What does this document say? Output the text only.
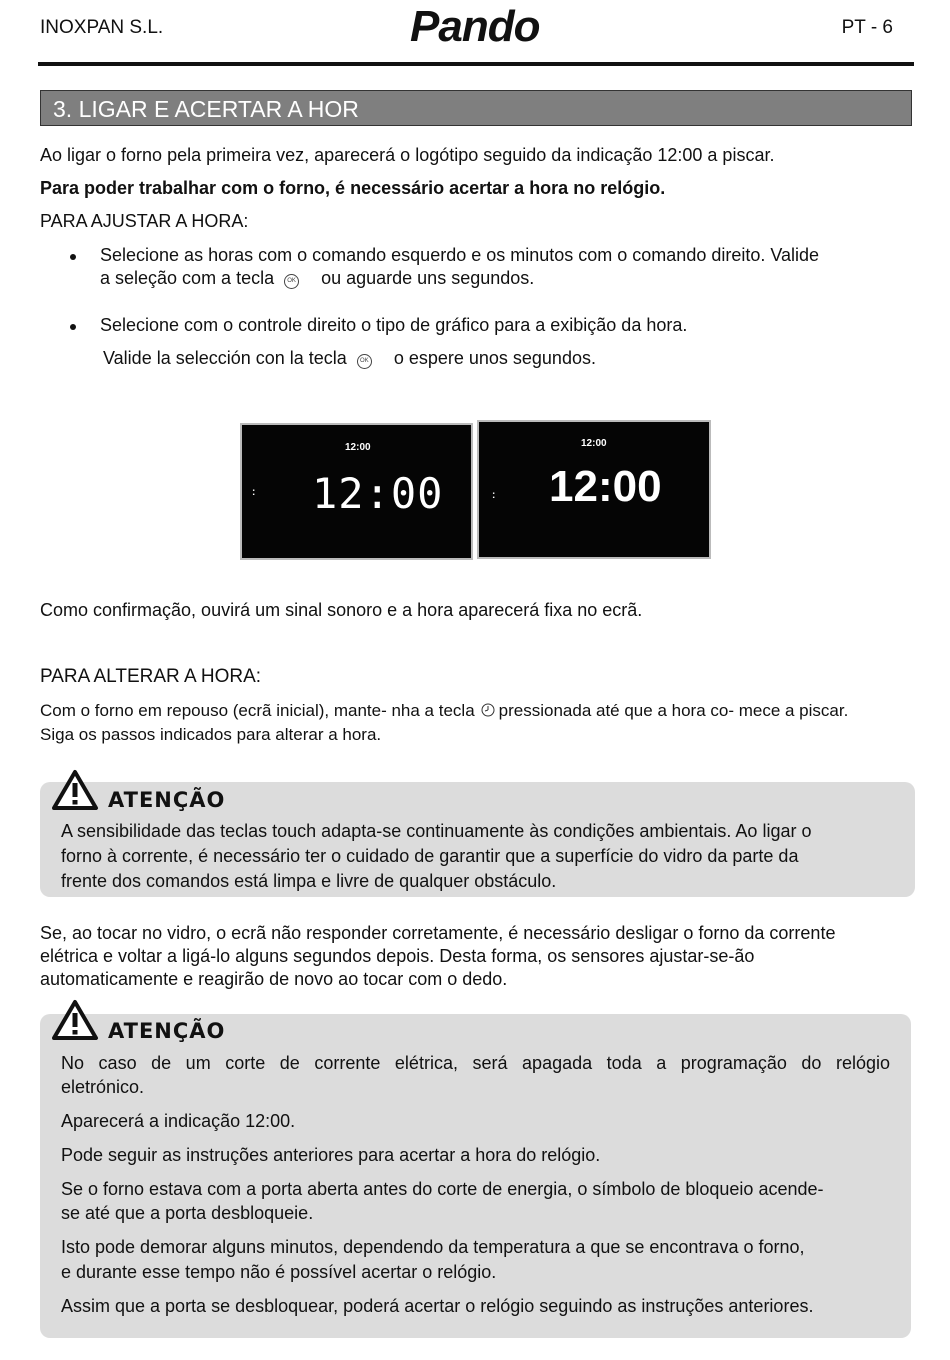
INOXPAN S.L.	Pando	PT - 6
3. LIGAR E ACERTAR A HOR
Ao ligar o forno pela primeira vez, aparecerá o logótipo seguido da indicação 12:00 a piscar.
Para poder trabalhar com o forno, é necessário acertar a hora no relógio.
PARA AJUSTAR A HORA:
Selecione as horas com o comando esquerdo e os minutos com o comando direito. Valide
a seleção com a tecla OK ou aguarde uns segundos.
Selecione com o controle direito o tipo de gráfico para a exibição da hora.
Valide la selección con la tecla OK o espere unos segundos.
12:00
: 12:00
12:00
: 12:00
Como confirmação, ouvirá um sinal sonoro e a hora aparecerá fixa no ecrã.
PARA ALTERAR A HORA:
Com o forno em repouso (ecrã inicial), mante- nha a tecla pressionada até que a hora co- mece a piscar.
Siga os passos indicados para alterar a hora.
ATENÇÃO
A sensibilidade das teclas touch adapta-se continuamente às condições ambientais. Ao ligar o
forno à corrente, é necessário ter o cuidado de garantir que a superfície do vidro da parte da
frente dos comandos está limpa e livre de qualquer obstáculo.
Se, ao tocar no vidro, o ecrã não responder corretamente, é necessário desligar o forno da corrente
elétrica e voltar a ligá-lo alguns segundos depois. Desta forma, os sensores ajustar-se-ão
automaticamente e reagirão de novo ao tocar com o dedo.
ATENÇÃO
No caso de um corte de corrente elétrica, será apagada toda a programação do relógio
eletrónico.
Aparecerá a indicação 12:00.
Pode seguir as instruções anteriores para acertar a hora do relógio.
Se o forno estava com a porta aberta antes do corte de energia, o símbolo de bloqueio acende-
se até que a porta desbloqueie.
Isto pode demorar alguns minutos, dependendo da temperatura a que se encontrava o forno,
e durante esse tempo não é possível acertar o relógio.
Assim que a porta se desbloquear, poderá acertar o relógio seguindo as instruções anteriores.
